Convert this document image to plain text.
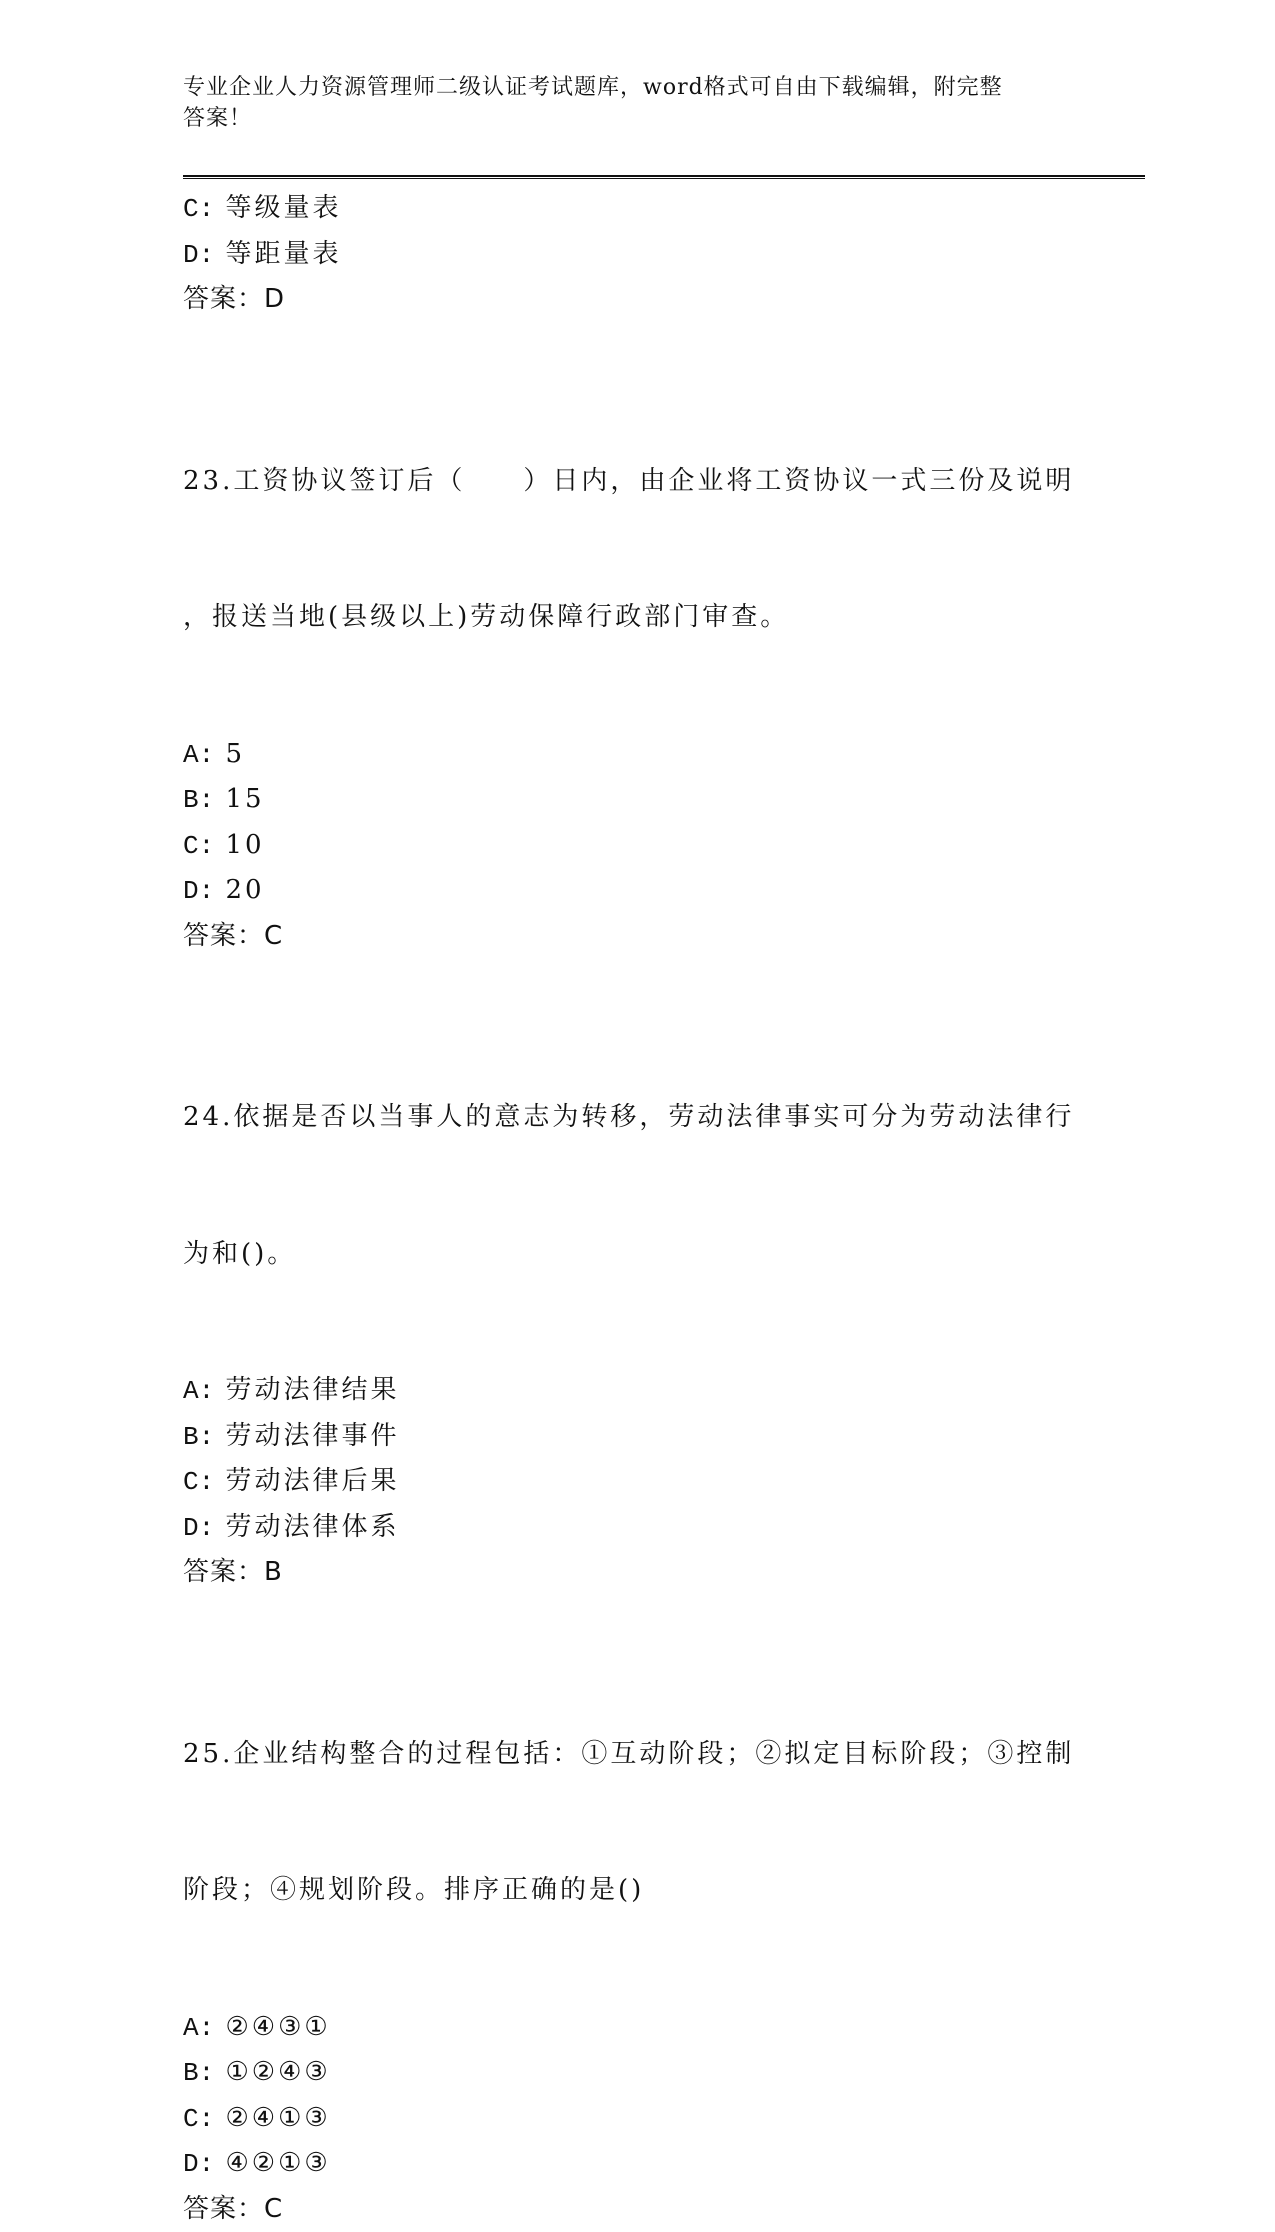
专业企业人力资源管理师二级认证考试题库，word格式可自由下载编辑，附完整
答案！
C: 等级量表
D: 等距量表
答案：D

23.工资协议签订后（　　）日内，由企业将工资协议一式三份及说明

，报送当地(县级以上)劳动保障行政部门审查。

A: 5
B: 15
C: 10
D: 20
答案：C

24.依据是否以当事人的意志为转移，劳动法律事实可分为劳动法律行

为和()。

A: 劳动法律结果
B: 劳动法律事件
C: 劳动法律后果
D: 劳动法律体系
答案：B

25.企业结构整合的过程包括：①互动阶段；②拟定目标阶段；③控制

阶段；④规划阶段。排序正确的是()

A: ②④③①
B: ①②④③
C: ②④①③
D: ④②①③
答案：C
